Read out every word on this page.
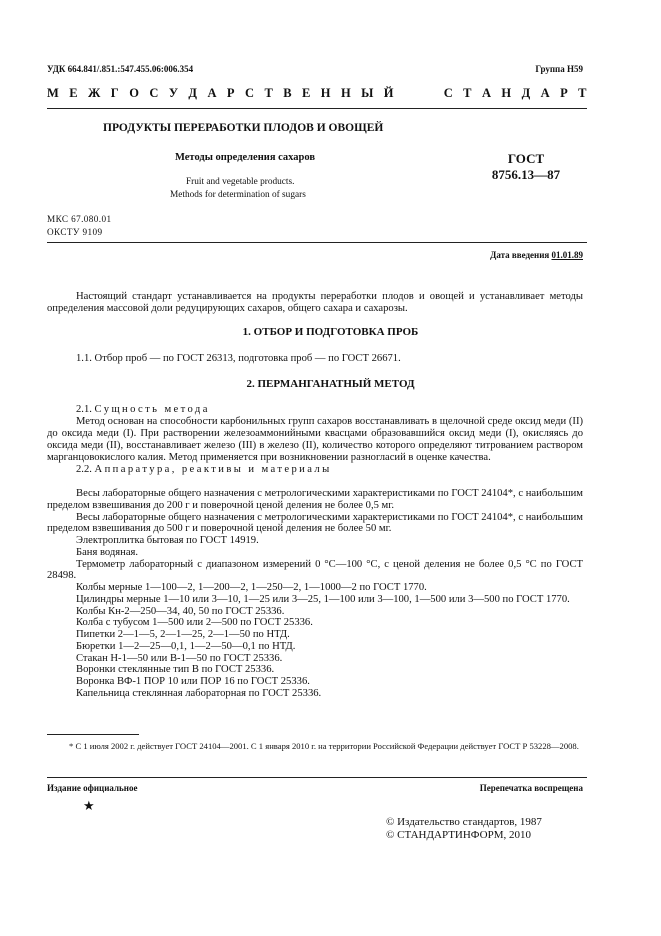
УДК 664.841/.851.:547.455.06:006.354	Группа Н59
М Е Ж Г О С У Д А Р С Т В Е Н Н Ы Й     С Т А Н Д А Р Т
ПРОДУКТЫ ПЕРЕРАБОТКИ ПЛОДОВ И ОВОЩЕЙ
Методы определения сахаров
Fruit and vegetable products.
Methods for determination of sugars
ГОСТ
8756.13—87
МКС 67.080.01
ОКСТУ 9109
Дата введения 01.01.89

Настоящий стандарт устанавливается на продукты переработки плодов и овощей и устанавливает методы определения массовой доли редуцирующих сахаров, общего сахара и сахарозы.

1. ОТБОР И ПОДГОТОВКА ПРОБ

1.1. Отбор проб — по ГОСТ 26313, подготовка проб — по ГОСТ 26671.

2. ПЕРМАНГАНАТНЫЙ МЕТОД

2.1. Сущность метода

Метод основан на способности карбонильных групп сахаров восстанавливать в щелочной среде оксид меди (II) до оксида меди (I). При растворении железоаммонийными квасцами образовавшийся оксид меди (I), окисляясь до оксида меди (II), восстанавливает железо (III) в железо (II), количество которого определяют титрованием раствором марганцовокислого калия. Метод применяется при возникновении разногласий в оценке качества.

2.2. Аппаратура, реактивы и материалы

Весы лабораторные общего назначения с метрологическими характеристиками по ГОСТ 24104*, с наибольшим пределом взвешивания до 200 г и поверочной ценой деления не более 0,5 мг.

Весы лабораторные общего назначения с метрологическими характеристиками по ГОСТ 24104*, с наибольшим пределом взвешивания до 500 г и поверочной ценой деления не более 50 мг.

Электроплитка бытовая по ГОСТ 14919.

Баня водяная.

Термометр лабораторный с диапазоном измерений 0 °С—100 °С, с ценой деления не более 0,5 °С по ГОСТ 28498.

Колбы мерные 1—100—2, 1—200—2, 1—250—2, 1—1000—2 по ГОСТ 1770.

Цилиндры мерные 1—10 или 3—10, 1—25 или 3—25, 1—100 или 3—100, 1—500 или 3—500 по ГОСТ 1770.

Колбы Кн-2—250—34, 40, 50 по ГОСТ 25336.

Колба с тубусом 1—500 или 2—500 по ГОСТ 25336.

Пипетки 2—1—5, 2—1—25, 2—1—50 по НТД.

Бюретки 1—2—25—0,1, 1—2—50—0,1 по НТД.

Стакан Н-1—50 или В-1—50 по ГОСТ 25336.

Воронки стеклянные тип В по ГОСТ 25336.

Воронка ВФ-1 ПОР 10 или ПОР 16 по ГОСТ 25336.

Капельница стеклянная лабораторная по ГОСТ 25336.

* С 1 июля 2002 г. действует ГОСТ 24104—2001. С 1 января 2010 г. на территории Российской Федерации действует ГОСТ Р 53228—2008.
Издание официальное	Перепечатка воспрещена
★
© Издательство стандартов, 1987
© СТАНДАРТИНФОРМ, 2010
